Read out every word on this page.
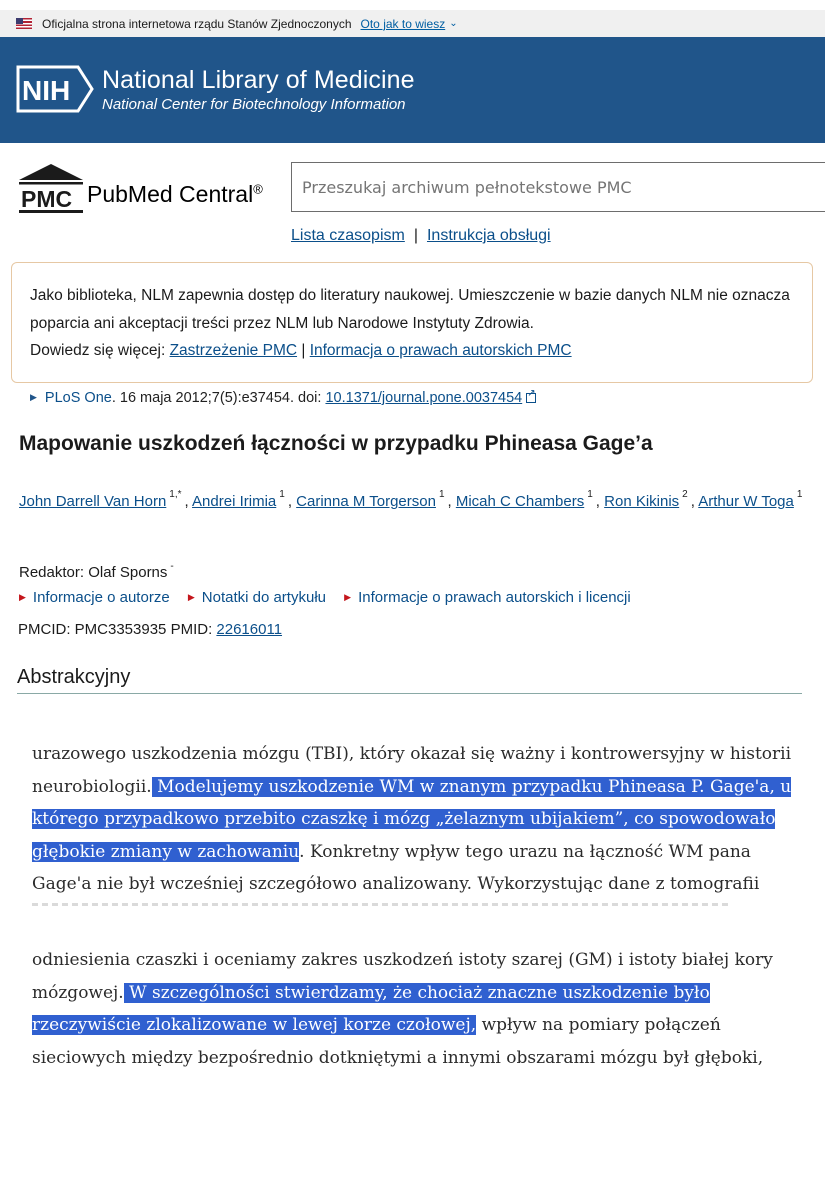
Oficjalna strona internetowa rządu Stanów Zjednoczonych Oto jak to wiesz ⌄
NIH National Library of Medicine
National Center for Biotechnology Information
PMC PubMed Central®
Przeszukaj archiwum pełnotekstowe PMC
Lista czasopism | Instrukcja obsługi
Jako biblioteka, NLM zapewnia dostęp do literatury naukowej. Umieszczenie w bazie danych NLM nie oznacza poparcia ani akceptacji treści przez NLM lub Narodowe Instytuty Zdrowia.
Dowiedz się więcej: Zastrzeżenie PMC | Informacja o prawach autorskich PMC
▶ PLoS One. 16 maja 2012;7(5):e37454. doi: 10.1371/journal.pone.0037454↗
Mapowanie uszkodzeń łączności w przypadku Phineasa Gage’a
John Darrell Van Horn $^{1,*}$ , Andrei Irimia $^1$ , Carinna M Torgerson $^1$ , Micah C Chambers $^1$ , Ron Kikinis $^2$ , Arthur W Toga $^1$
Redaktor: Olaf Sporns -
▶ Informacje o autorze ▶ Notatki do artykułu ▶ Informacje o prawach autorskich i licencji
PMCID: PMC3353935 PMID: 22616011
Abstrakcyjny

urazowego uszkodzenia mózgu (TBI), który okazał się ważny i kontrowersyjny w historii neurobiologii. Modelujemy uszkodzenie WM w znanym przypadku Phineasa P. Gage'a, u którego przypadkowo przebito czaszkę i mózg „żelaznym ubijakiem”, co spowodowało głębokie zmiany w zachowaniu. Konkretny wpływ tego urazu na łączność WM pana Gage'a nie był wcześniej szczegółowo analizowany. Wykorzystując dane z tomografii

odniesienia czaszki i oceniamy zakres uszkodzeń istoty szarej (GM) i istoty białej kory mózgowej. W szczególności stwierdzamy, że chociaż znaczne uszkodzenie było rzeczywiście zlokalizowane w lewej korze czołowej, wpływ na pomiary połączeń sieciowych między bezpośrednio dotkniętymi a innymi obszarami mózgu był głęboki,
